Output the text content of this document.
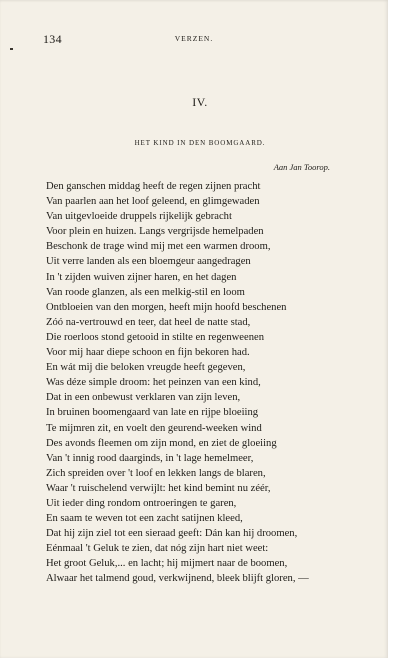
134	VERZEN.
IV.
HET KIND IN DEN BOOMGAARD.
Aan Jan Toorop.
Den ganschen middag heeft de regen zijnen pracht
Van paarlen aan het loof geleend, en glimgewaden
Van uitgevloeide druppels rijkelijk gebracht
Voor plein en huizen. Langs vergrijsde hemelpaden
Beschonk de trage wind mij met een warmen droom,
Uit verre landen als een bloemgeur aangedragen
In 't zijden wuiven zijner haren, en het dagen
Van roode glanzen, als een melkig-stil en loom
Ontbloeien van den morgen, heeft mijn hoofd beschenen
Zóó na-vertrouwd en teer, dat heel de natte stad,
Die roerloos stond getooid in stilte en regenweenen
Voor mij haar diepe schoon en fijn bekoren had.
En wát mij die beloken vreugde heeft gegeven,
Was déze simple droom: het peinzen van een kind,
Dat in een onbewust verklaren van zijn leven,
In bruinen boomengaard van late en rijpe bloeiing
Te mijmren zit, en voelt den geurend-weeken wind
Des avonds fleemen om zijn mond, en ziet de gloeiing
Van 't innig rood daarginds, in 't lage hemelmeer,
Zich spreiden over 't loof en lekken langs de blaren,
Waar 't ruischelend verwijlt: het kind bemint nu zéér,
Uit ieder ding rondom ontroeringen te garen,
En saam te weven tot een zacht satijnen kleed,
Dat hij zijn ziel tot een sieraad geeft: Dán kan hij droomen,
Eénmaal 't Geluk te zien, dat nóg zijn hart niet weet:
Het groot Geluk,... en lacht; hij mijmert naar de boomen,
Alwaar het talmend goud, verkwijnend, bleek blijft gloren, —
